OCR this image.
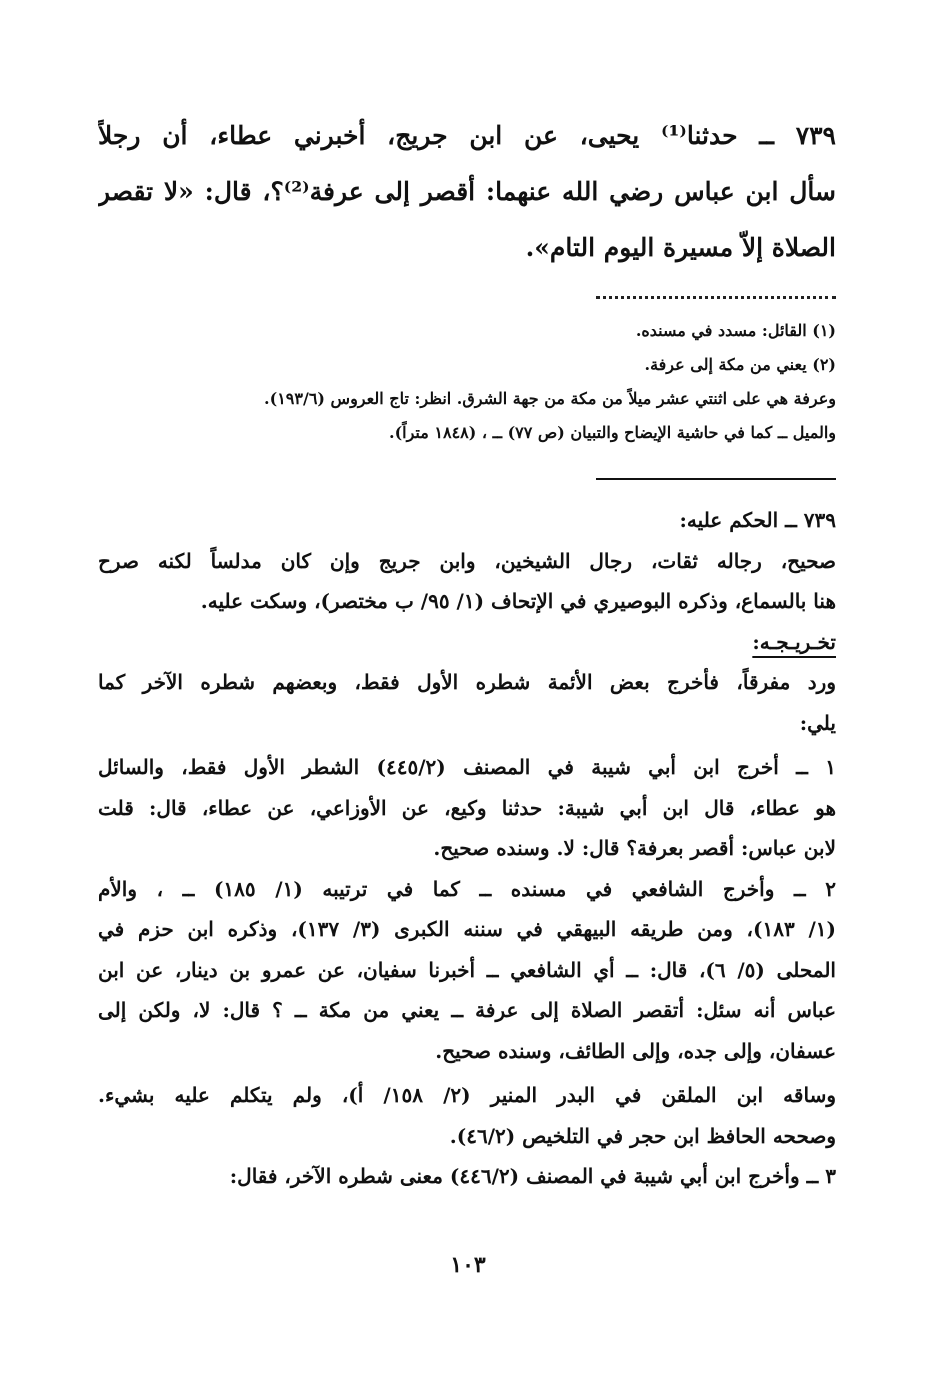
٧٣٩ ــ حدثنا⁽¹⁾ يحيى، عن ابن جريج، أخبرني عطاء، أن رجلاً
سأل ابن عباس رضي الله عنهما: أقصر إلى عرفة⁽²⁾؟، قال: «لا تقصر
الصلاة إلاّ مسيرة اليوم التام».
(١) القائل: مسدد في مسنده.
(٢) يعني من مكة إلى عرفة.
وعرفة هي على اثنتي عشر ميلاً من مكة من جهة الشرق. انظر: تاج العروس (١٩٣/٦).
والميل ــ كما في حاشية الإيضاح والتبيان (ص ٧٧) ــ ، (١٨٤٨ متراً).
٧٣٩ ــ الحكم عليه:
صحيح، رجاله ثقات، رجال الشيخين، وابن جريج وإن كان مدلساً لكنه صرح
هنا بالسماع، وذكره البوصيري في الإتحاف (١/ ٩٥/ ب مختصر)، وسكت عليه.
تخـريـجـه:
ورد مفرقاً، فأخرج بعض الأئمة شطره الأول فقط، وبعضهم شطره الآخر كما
يلي:
١ ــ أخرج ابن أبي شيبة في المصنف (٤٤٥/٢) الشطر الأول فقط، والسائل
هو عطاء، قال ابن أبي شيبة: حدثنا وكيع، عن الأوزاعي، عن عطاء، قال: قلت
لابن عباس: أقصر بعرفة؟ قال: لا. وسنده صحيح.
٢ ــ وأخرج الشافعي في مسنده ــ كما في ترتيبه (١/ ١٨٥) ــ ، والأم
(١/ ١٨٣)، ومن طريقه البيهقي في سننه الكبرى (٣/ ١٣٧)، وذكره ابن حزم في
المحلى (٥/ ٦)، قال: ــ أي الشافعي ــ أخبرنا سفيان، عن عمرو بن دينار، عن ابن
عباس أنه سئل: أتقصر الصلاة إلى عرفة ــ يعني من مكة ــ ؟ قال: لا، ولكن إلى
عسفان، وإلى جده، وإلى الطائف، وسنده صحيح.
وساقه ابن الملقن في البدر المنير (٢/ ١٥٨/ أ)، ولم يتكلم عليه بشيء.
وصححه الحافظ ابن حجر في التلخيص (٤٦/٢).
٣ ــ وأخرج ابن أبي شيبة في المصنف (٤٤٦/٢) معنى شطره الآخر، فقال:
١٠٣
